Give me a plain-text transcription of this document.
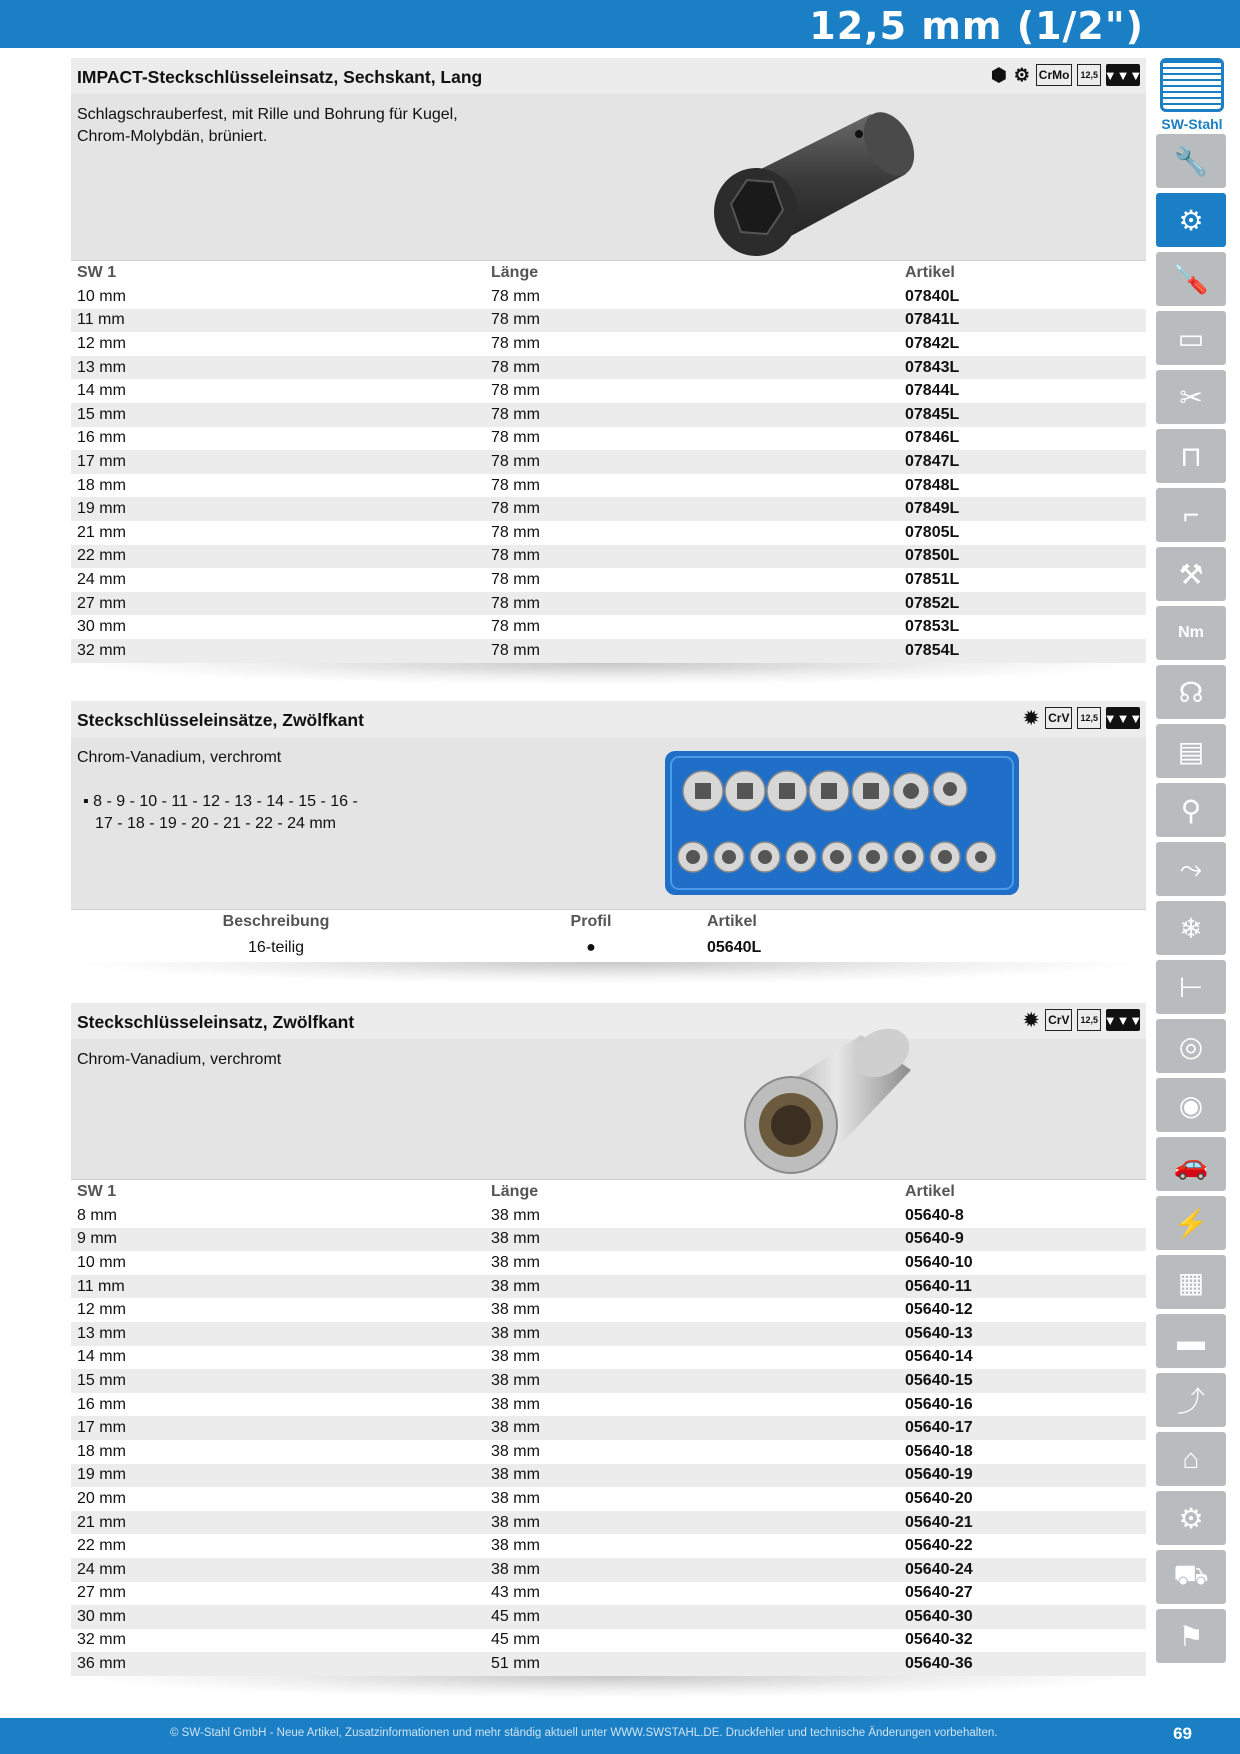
12,5 mm (1/2")
SW-Stahl
🔧
⚙
🪛
▭
✂
⊓
⌐
⚒
Nm
☊
▤
⚲
⤳
❄
⊢
◎
◉
🚗
⚡
▦
▬
⤴
⌂
⚙
⛟
⚑
IMPACT-Steckschlüsseleinsatz, Sechskant, Lang	⬢ ⚙ CrMo	12,5 ▼▼▼
Schlagschrauberfest, mit Rille und Bohrung für Kugel,
Chrom-Molybdän, brüniert.
SW 1	Länge	Artikel
10 mm	78 mm	07840L
11 mm	78 mm	07841L
12 mm	78 mm	07842L
13 mm	78 mm	07843L
14 mm	78 mm	07844L
15 mm	78 mm	07845L
16 mm	78 mm	07846L
17 mm	78 mm	07847L
18 mm	78 mm	07848L
19 mm	78 mm	07849L
21 mm	78 mm	07805L
22 mm	78 mm	07850L
24 mm	78 mm	07851L
27 mm	78 mm	07852L
30 mm	78 mm	07853L
32 mm	78 mm	07854L
Steckschlüsseleinsätze, Zwölfkant	✹ CrV	12,5 ▼▼▼
Chrom-Vanadium, verchromt
▪ 8 - 9 - 10 - 11 - 12 - 13 - 14 - 15 - 16 -
17 - 18 - 19 - 20 - 21 - 22 - 24 mm
Beschreibung	Profil	Artikel
16-teilig	●	05640L
Steckschlüsseleinsatz, Zwölfkant	✹ CrV	12,5 ▼▼▼
Chrom-Vanadium, verchromt
SW 1	Länge	Artikel
8 mm	38 mm	05640-8
9 mm	38 mm	05640-9
10 mm	38 mm	05640-10
11 mm	38 mm	05640-11
12 mm	38 mm	05640-12
13 mm	38 mm	05640-13
14 mm	38 mm	05640-14
15 mm	38 mm	05640-15
16 mm	38 mm	05640-16
17 mm	38 mm	05640-17
18 mm	38 mm	05640-18
19 mm	38 mm	05640-19
20 mm	38 mm	05640-20
21 mm	38 mm	05640-21
22 mm	38 mm	05640-22
24 mm	38 mm	05640-24
27 mm	43 mm	05640-27
30 mm	45 mm	05640-30
32 mm	45 mm	05640-32
36 mm	51 mm	05640-36
© SW-Stahl GmbH - Neue Artikel, Zusatzinformationen und mehr ständig aktuell unter WWW.SWSTAHL.DE. Druckfehler und technische Änderungen vorbehalten.	69
